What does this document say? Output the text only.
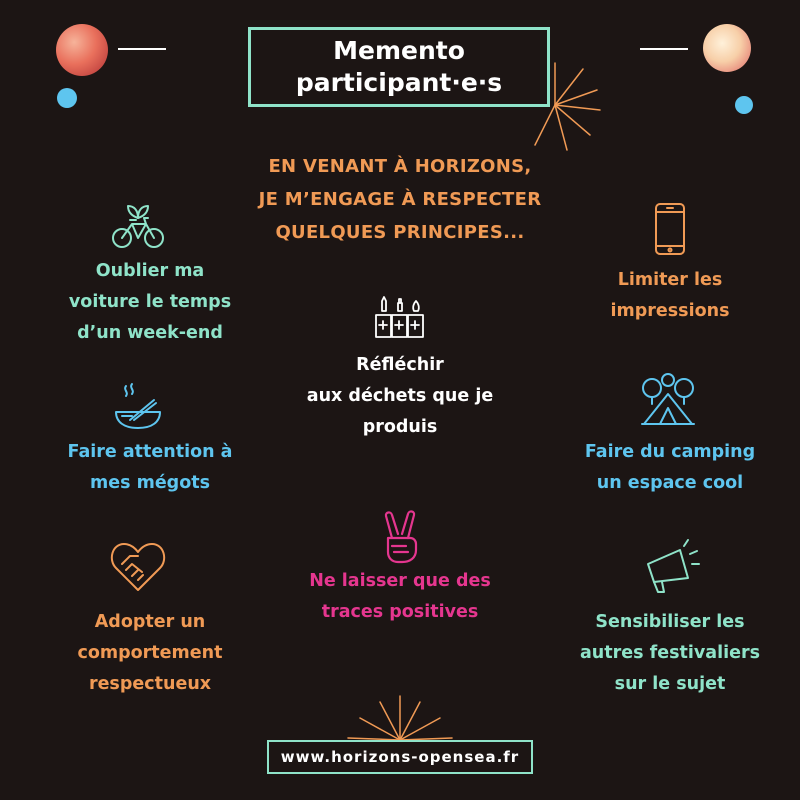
Memento
participant·e·s
EN VENANT À HORIZONS,
JE M’ENGAGE À RESPECTER
QUELQUES PRINCIPES...
Oublier ma
voiture le temps
d’un week-end
Limiter les
impressions
Réfléchir
aux déchets que je
produis
Faire attention à
mes mégots
Faire du camping
un espace cool
Ne laisser que des
traces positives
Adopter un
comportement
respectueux
Sensibiliser les
autres festivaliers
sur le sujet
www.horizons-opensea.fr
